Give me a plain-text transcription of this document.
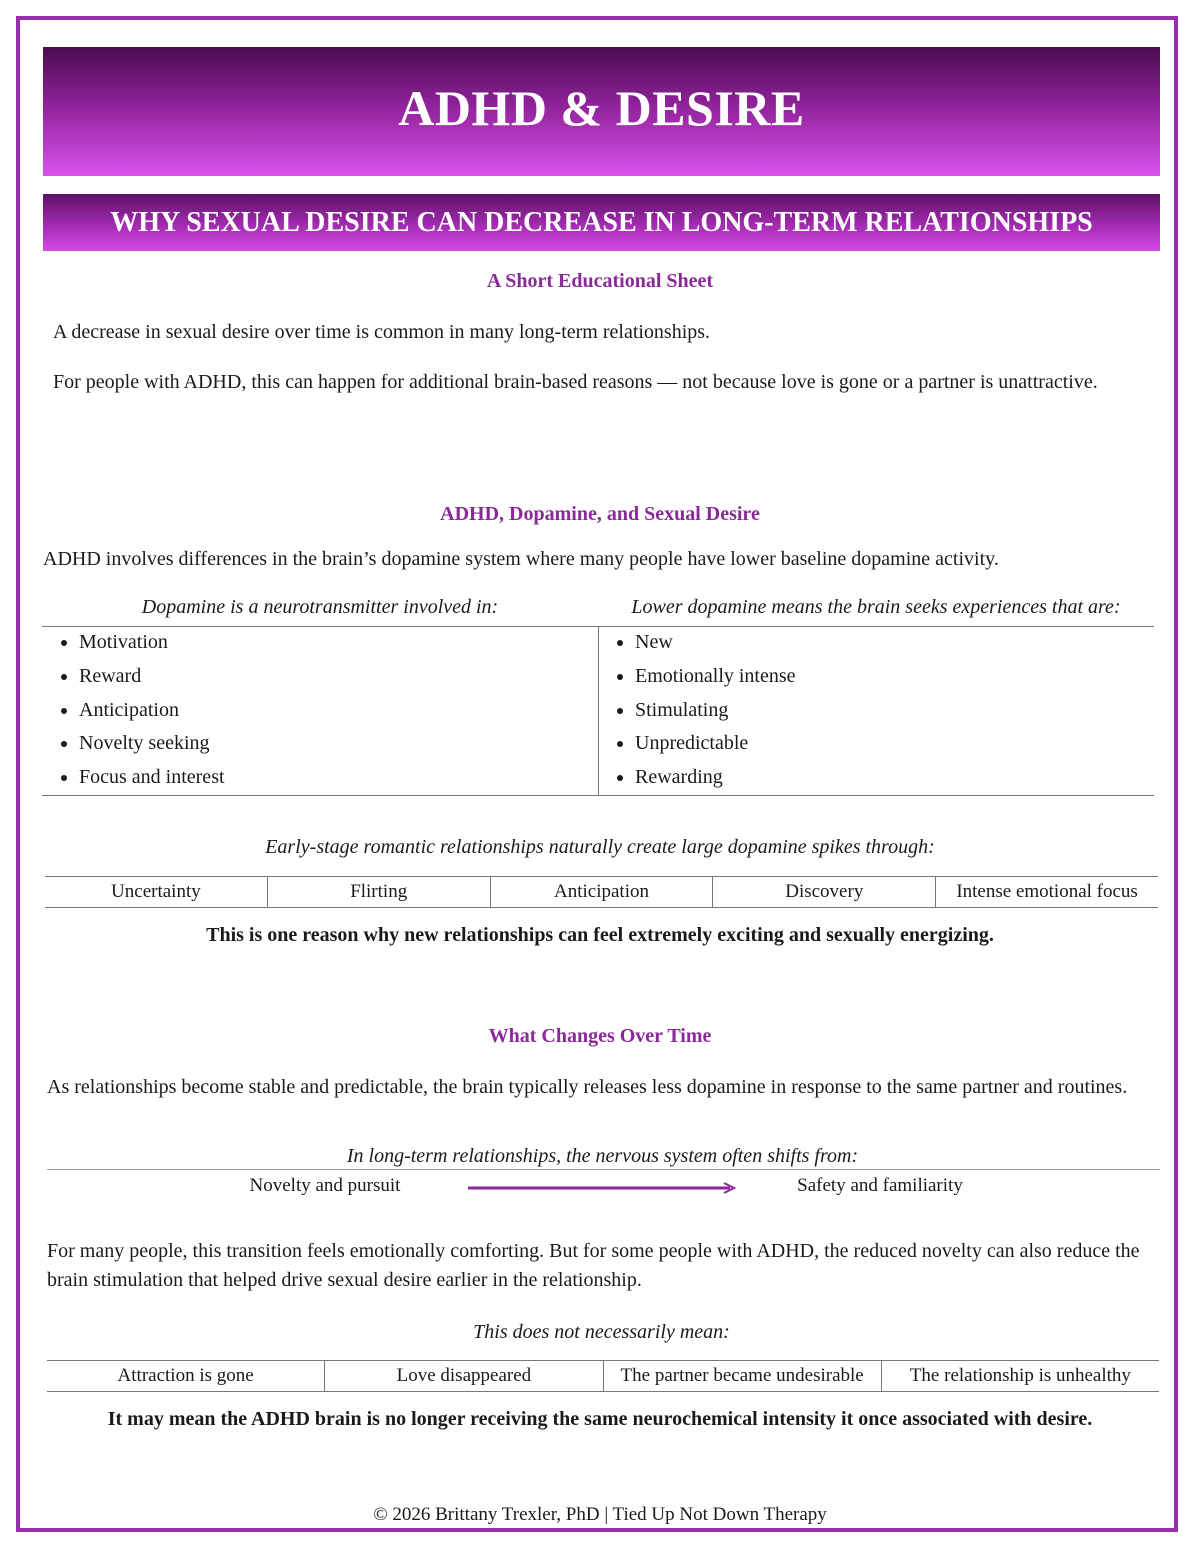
ADHD & DESIRE
WHY SEXUAL DESIRE CAN DECREASE IN LONG-TERM RELATIONSHIPS
A Short Educational Sheet

A decrease in sexual desire over time is common in many long-term relationships.

For people with ADHD, this can happen for additional brain-based reasons — not because love is gone or a partner is unattractive.

ADHD, Dopamine, and Sexual Desire

ADHD involves differences in the brain’s dopamine system where many people have lower baseline dopamine activity.

Dopamine is a neurotransmitter involved in:
• Motivation
• Reward
• Anticipation
• Novelty seeking
• Focus and interest
Lower dopamine means the brain seeks experiences that are:
• New
• Emotionally intense
• Stimulating
• Unpredictable
• Rewarding

Early-stage romantic relationships naturally create large dopamine spikes through:

Uncertainty	Flirting	Anticipation	Discovery	Intense emotional focus

This is one reason why new relationships can feel extremely exciting and sexually energizing.

What Changes Over Time

As relationships become stable and predictable, the brain typically releases less dopamine in response to the same partner and routines.

In long-term relationships, the nervous system often shifts from:

Novelty and pursuit	Safety and familiarity

For many people, this transition feels emotionally comforting. But for some people with ADHD, the reduced novelty can also reduce the brain stimulation that helped drive sexual desire earlier in the relationship.

This does not necessarily mean:

Attraction is gone	Love disappeared	The partner became undesirable	The relationship is unhealthy

It may mean the ADHD brain is no longer receiving the same neurochemical intensity it once associated with desire.

© 2026 Brittany Trexler, PhD | Tied Up Not Down Therapy
